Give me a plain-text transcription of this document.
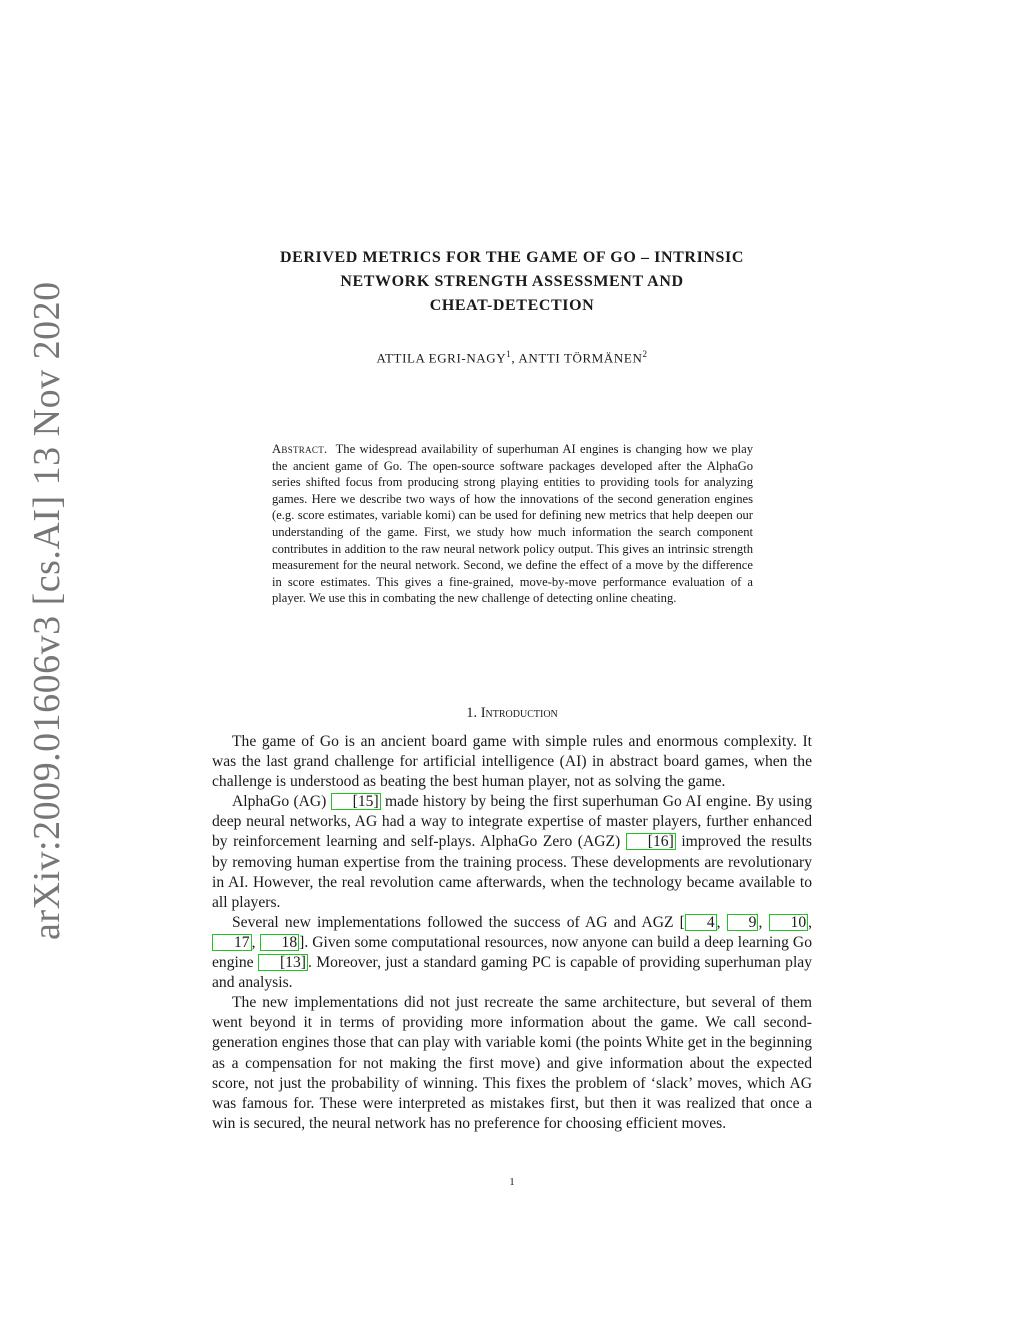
arXiv:2009.01606v3 [cs.AI] 13 Nov 2020
DERIVED METRICS FOR THE GAME OF GO – INTRINSIC
NETWORK STRENGTH ASSESSMENT AND
CHEAT-DETECTION
ATTILA EGRI-NAGY$^1$, ANTTI TÖRMÄNEN$^2$
Abstract. The widespread availability of superhuman AI engines is changing how we play the ancient game of Go. The open-source software packages developed after the AlphaGo series shifted focus from producing strong playing entities to providing tools for analyzing games. Here we describe two ways of how the innovations of the second generation engines (e.g. score estimates, variable komi) can be used for defining new metrics that help deepen our understanding of the game. First, we study how much information the search component contributes in addition to the raw neural network policy output. This gives an intrinsic strength measurement for the neural network. Second, we define the effect of a move by the difference in score estimates. This gives a fine-grained, move-by-move performance evaluation of a player. We use this in combating the new challenge of detecting online cheating.
1. Introduction

The game of Go is an ancient board game with simple rules and enormous complexity. It was the last grand challenge for artificial intelligence (AI) in abstract board games, when the challenge is understood as beating the best human player, not as solving the game.

AlphaGo (AG) [15] made history by being the first superhuman Go AI engine. By using deep neural networks, AG had a way to integrate expertise of master players, further enhanced by reinforcement learning and self-plays. AlphaGo Zero (AGZ) [16] improved the results by removing human expertise from the training process. These developments are revolutionary in AI. However, the real revolution came afterwards, when the technology became available to all players.

Several new implementations followed the success of AG and AGZ [ 4 , 9 , 10 , 17 , 18 ]. Given some computational resources, now anyone can build a deep learning Go engine [13] . Moreover, just a standard gaming PC is capable of providing superhuman play and analysis.

The new implementations did not just recreate the same architecture, but several of them went beyond it in terms of providing more information about the game. We call second-generation engines those that can play with variable komi (the points White get in the beginning as a compensation for not making the first move) and give information about the expected score, not just the probability of winning. This fixes the problem of ‘slack’ moves, which AG was famous for. These were interpreted as mistakes first, but then it was realized that once a win is secured, the neural network has no preference for choosing efficient moves.

1
